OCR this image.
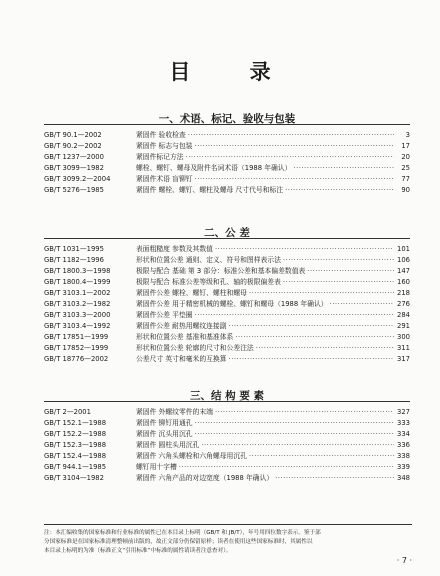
目 录
一、术语、标记、验收与包装
GB/T 90.1—2002	紧固件 验收检查 ·····	3
GB/T 90.2—2002	紧固件 标志与包装 ·····	17
GB/T 1237—2000	紧固件标记方法 ·····	20
GB/T 3099—1982	螺栓、螺钉、螺母及附件名词术语（1988 年确认） ·····	25
GB/T 3099.2—2004	紧固件术语 盲铆钉 ·····	77
GB/T 5276—1985	紧固件 螺栓、螺钉、螺柱及螺母 尺寸代号和标注 ·····	90
二、公 差
GB/T 1031—1995	表面粗糙度 参数及其数值 ·····	101
GB/T 1182—1996	形状和位置公差 通则、定义、符号和图样表示法 ·····	106
GB/T 1800.3—1998	极限与配合 基础 第 3 部分：标准公差和基本偏差数值表 ·····	147
GB/T 1800.4—1999	极限与配合 标准公差等级和孔、轴的极限偏差表 ·····	160
GB/T 3103.1—2002	紧固件公差 螺栓、螺钉、螺柱和螺母 ·····	218
GB/T 3103.2—1982	紧固件公差 用于精密机械的螺栓、螺钉和螺母（1988 年确认） ·····	276
GB/T 3103.3—2000	紧固件公差 平垫圈 ·····	284
GB/T 3103.4—1992	紧固件公差 耐热用螺纹连接副 ·····	291
GB/T 17851—1999	形状和位置公差 基准和基准体系 ·····	300
GB/T 17852—1999	形状和位置公差 轮廓的尺寸和公差注法 ·····	311
GB/T 18776—2002	公差尺寸 英寸和毫米的互换算 ·····	317
三、结 构 要 素
GB/T 2—2001	紧固件 外螺纹零件的末端 ·····	327
GB/T 152.1—1988	紧固件 铆钉用通孔 ·····	333
GB/T 152.2—1988	紧固件 沉头用沉孔 ·····	334
GB/T 152.3—1988	紧固件 圆柱头用沉孔 ·····	336
GB/T 152.4—1988	紧固件 六角头螺栓和六角螺母用沉孔 ·····	338
GB/T 944.1—1985	螺钉用十字槽 ·····	339
GB/T 3104—1982	紧固件 六角产品的对边宽度（1988 年确认） ·····	348
注：本汇编收集的国家标准和行业标准的属性已在本目录上标明（GB/T 和 JB/T），年号用四位数字表示。鉴于部
分国家标准是在国家标准清理整顿前出版的，故正文部分仍保留原样；读者在使用这些国家标准时，其属性以
本目录上标明的为准（标准正文“引用标准”中标准的属性请读者注意查对）。
· 7 ·
